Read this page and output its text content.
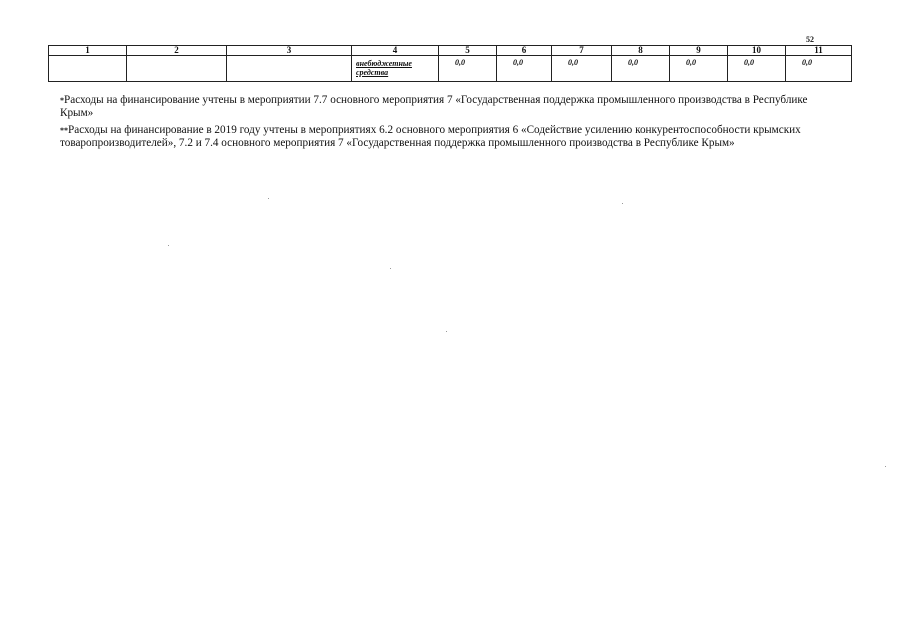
52
1	2	3	4	5	6	7	8	9	10	11
			внебюджетные
средства	0,0	0,0	0,0	0,0	0,0	0,0	0,0

*Расходы на финансирование учтены в мероприятии 7.7 основного мероприятия 7 «Государственная поддержка промышленного производства в Республике Крым»

**Расходы на финансирование в 2019 году учтены в мероприятиях 6.2 основного мероприятия 6 «Содействие усилению конкурентоспособности крымских товаропроизводителей», 7.2 и 7.4 основного мероприятия 7 «Государственная поддержка промышленного производства в Республике Крым»
